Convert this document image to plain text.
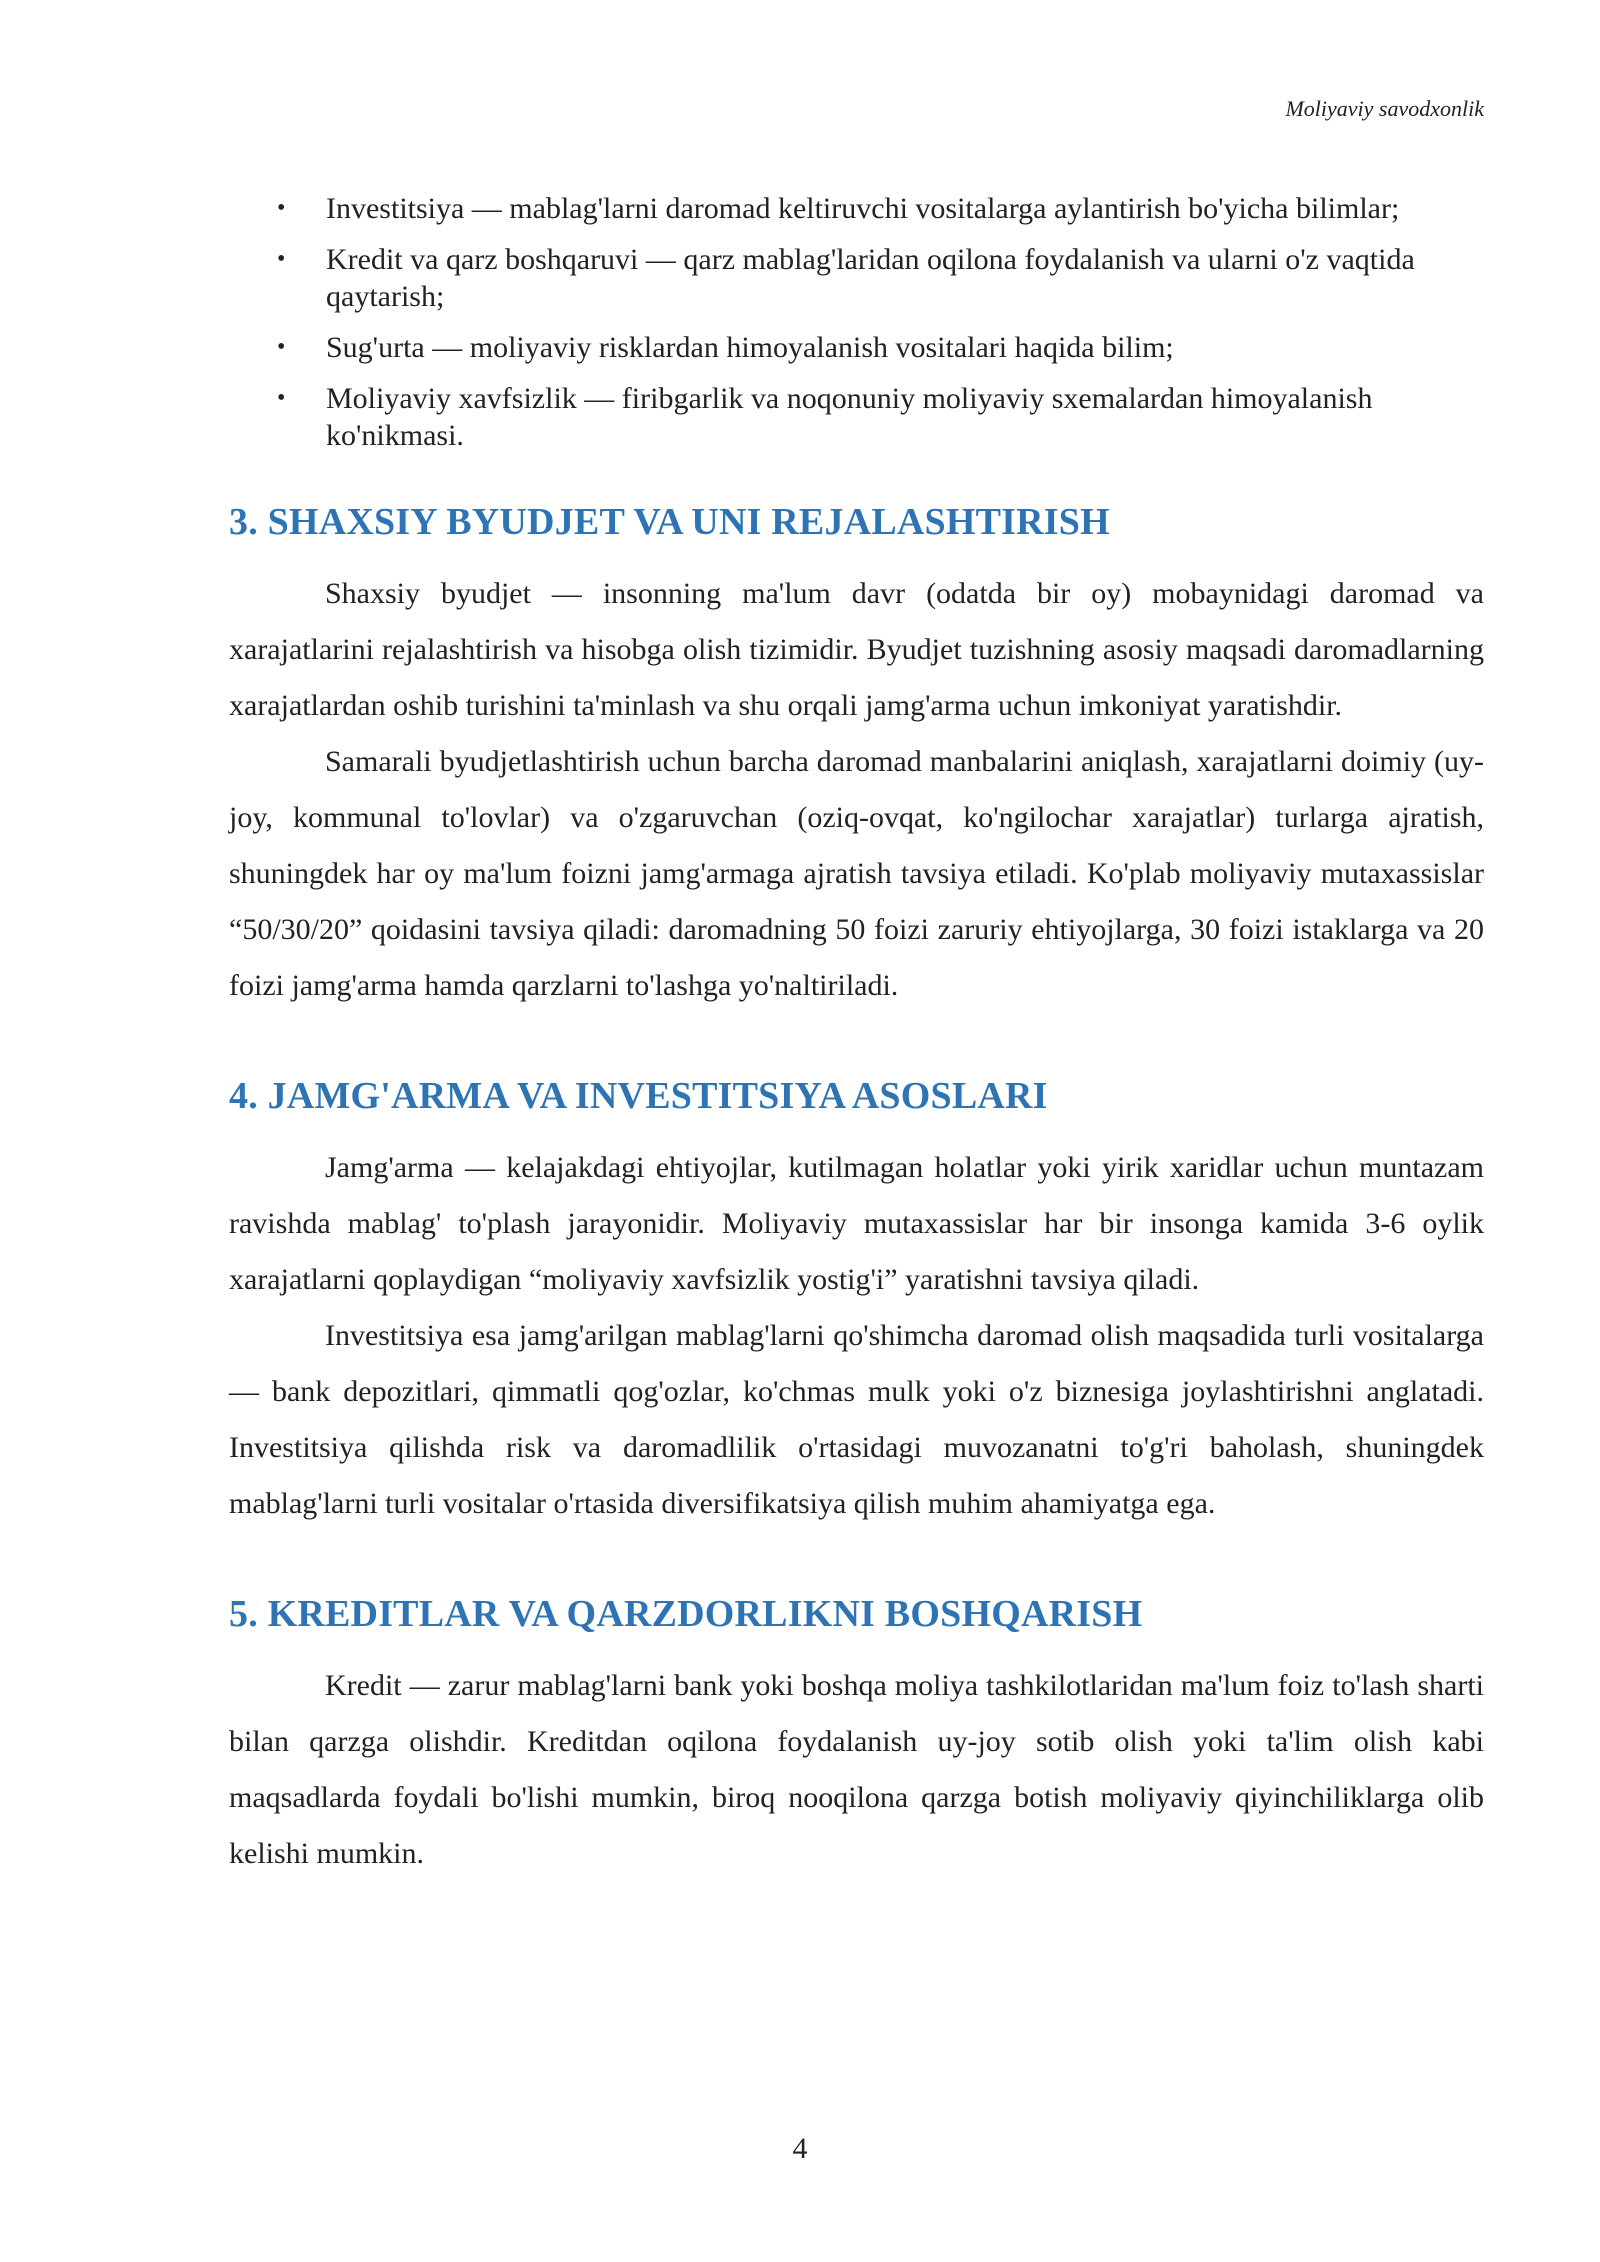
Moliyaviy savodxonlik
• Investitsiya — mablag'larni daromad keltiruvchi vositalarga aylantirish bo'yicha bilimlar;
• Kredit va qarz boshqaruvi — qarz mablag'laridan oqilona foydalanish va ularni o'z vaqtida qaytarish;
• Sug'urta — moliyaviy risklardan himoyalanish vositalari haqida bilim;
• Moliyaviy xavfsizlik — firibgarlik va noqonuniy moliyaviy sxemalardan himoyalanish ko'nikmasi.
3. SHAXSIY BYUDJET VA UNI REJALASHTIRISH

Shaxsiy byudjet — insonning ma'lum davr (odatda bir oy) mobaynidagi daromad va xarajatlarini rejalashtirish va hisobga olish tizimidir. Byudjet tuzishning asosiy maqsadi daromadlarning xarajatlardan oshib turishini ta'minlash va shu orqali jamg'arma uchun imkoniyat yaratishdir.

Samarali byudjetlashtirish uchun barcha daromad manbalarini aniqlash, xarajatlarni doimiy (uy-joy, kommunal to'lovlar) va o'zgaruvchan (oziq-ovqat, ko'ngilochar xarajatlar) turlarga ajratish, shuningdek har oy ma'lum foizni jamg'armaga ajratish tavsiya etiladi. Ko'plab moliyaviy mutaxassislar “50/30/20” qoidasini tavsiya qiladi: daromadning 50 foizi zaruriy ehtiyojlarga, 30 foizi istaklarga va 20 foizi jamg'arma hamda qarzlarni to'lashga yo'naltiriladi.

4. JAMG'ARMA VA INVESTITSIYA ASOSLARI

Jamg'arma — kelajakdagi ehtiyojlar, kutilmagan holatlar yoki yirik xaridlar uchun muntazam ravishda mablag' to'plash jarayonidir. Moliyaviy mutaxassislar har bir insonga kamida 3-6 oylik xarajatlarni qoplaydigan “moliyaviy xavfsizlik yostig'i” yaratishni tavsiya qiladi.

Investitsiya esa jamg'arilgan mablag'larni qo'shimcha daromad olish maqsadida turli vositalarga — bank depozitlari, qimmatli qog'ozlar, ko'chmas mulk yoki o'z biznesiga joylashtirishni anglatadi. Investitsiya qilishda risk va daromadlilik o'rtasidagi muvozanatni to'g'ri baholash, shuningdek mablag'larni turli vositalar o'rtasida diversifikatsiya qilish muhim ahamiyatga ega.

5. KREDITLAR VA QARZDORLIKNI BOSHQARISH

Kredit — zarur mablag'larni bank yoki boshqa moliya tashkilotlaridan ma'lum foiz to'lash sharti bilan qarzga olishdir. Kreditdan oqilona foydalanish uy-joy sotib olish yoki ta'lim olish kabi maqsadlarda foydali bo'lishi mumkin, biroq nooqilona qarzga botish moliyaviy qiyinchiliklarga olib kelishi mumkin.

4
